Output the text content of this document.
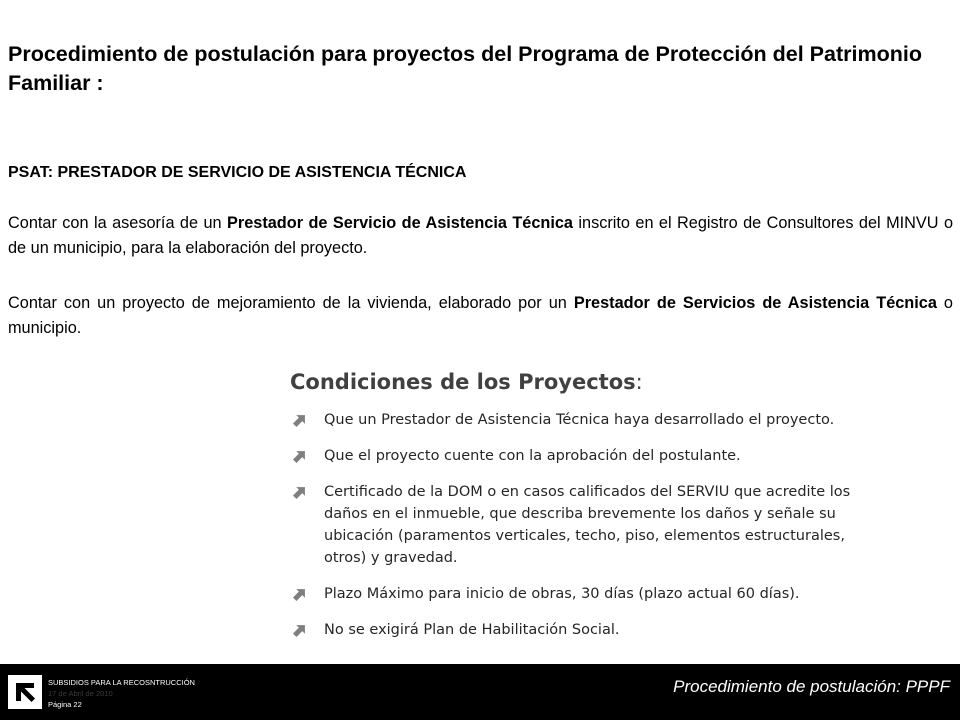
Procedimiento de postulación para proyectos del Programa de Protección del Patrimonio Familiar :
PSAT: PRESTADOR DE SERVICIO DE ASISTENCIA TÉCNICA

Contar con la asesoría de un Prestador de Servicio de Asistencia Técnica inscrito en el Registro de Consultores del MINVU o de un municipio, para la elaboración del proyecto.

Contar con un proyecto de mejoramiento de la vivienda, elaborado por un Prestador de Servicios de Asistencia Técnica o municipio.

Condiciones de los Proyectos:
Que un Prestador de Asistencia Técnica haya desarrollado el proyecto.
Que el proyecto cuente con la aprobación del postulante.
Certificado de la DOM o en casos calificados del SERVIU que acredite los daños en el inmueble, que describa brevemente los daños y señale su ubicación (paramentos verticales, techo, piso, elementos estructurales, otros) y gravedad.
Plazo Máximo para inicio de obras, 30 días (plazo actual 60 días).
No se exigirá Plan de Habilitación Social.
SUBSIDIOS PARA LA RECOSNTRUCCIÓN
17 de Abril de 2010
Página 22
Procedimiento de postulación: PPPF
